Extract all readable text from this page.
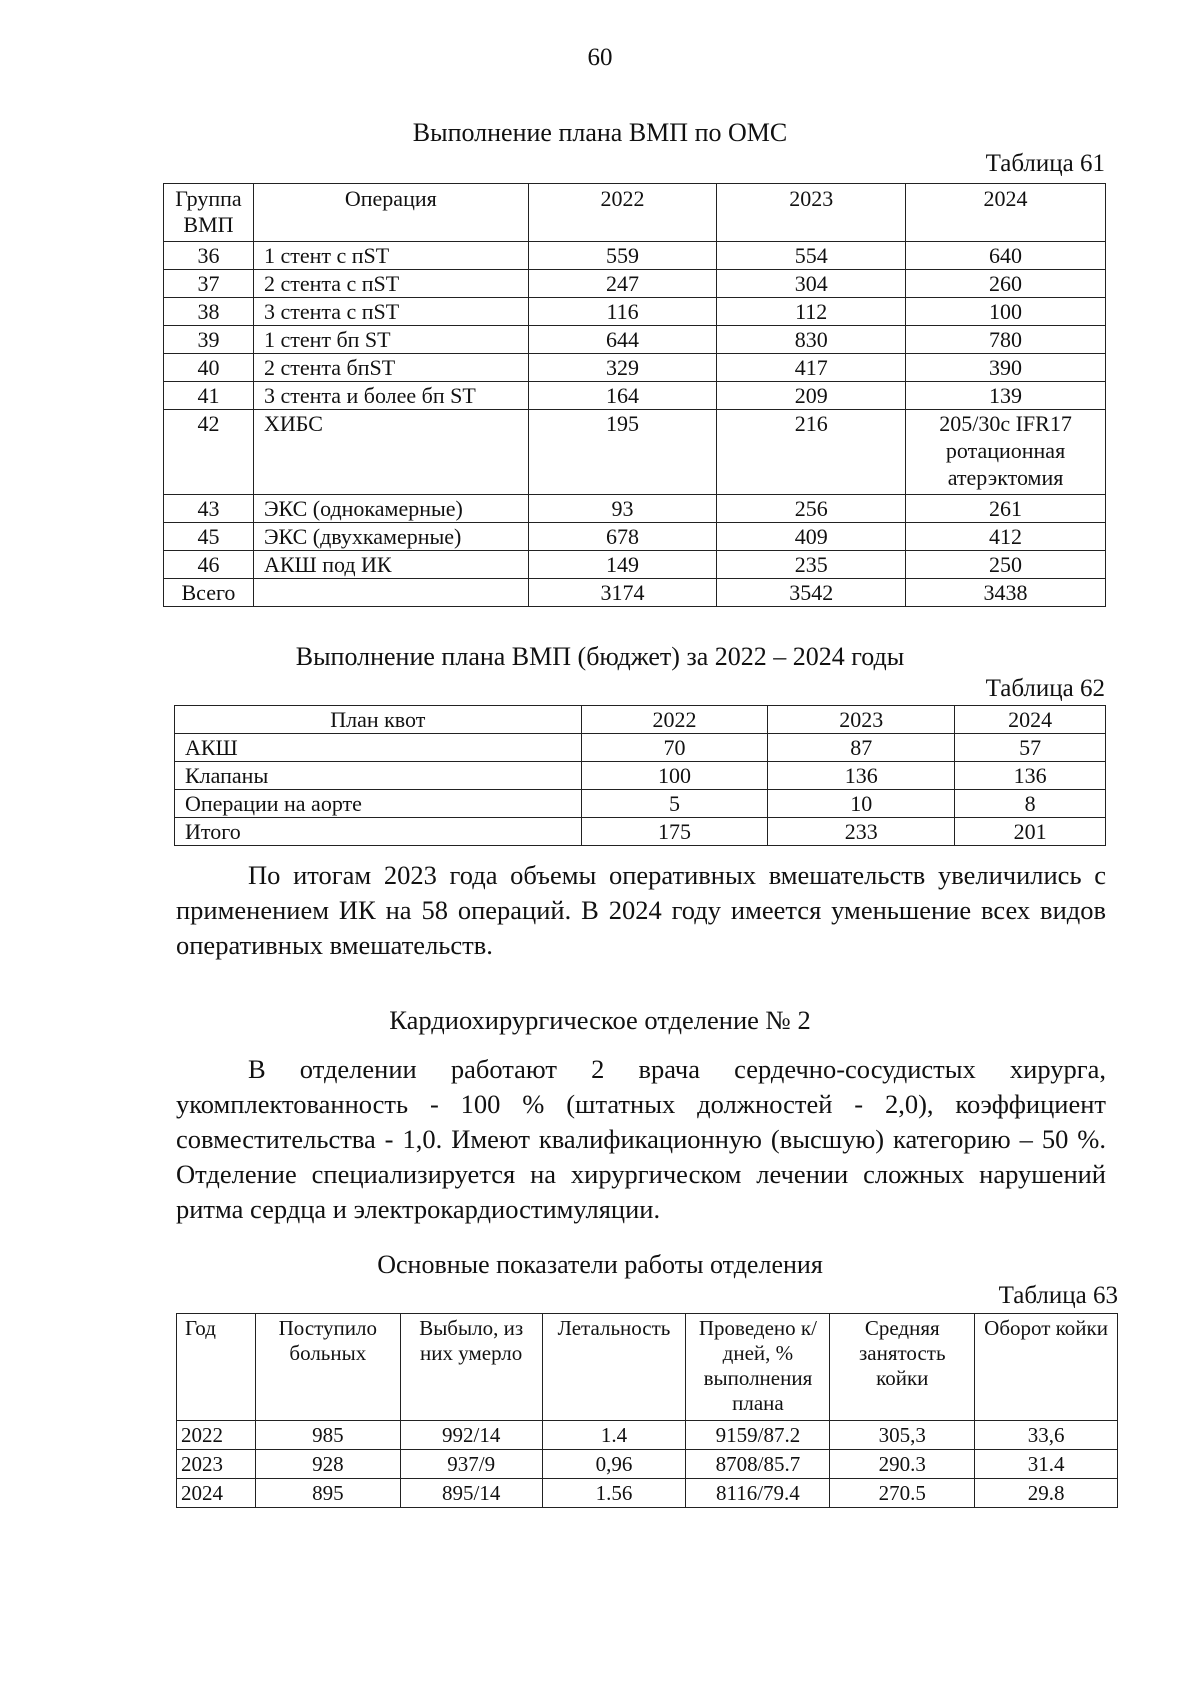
60
Выполнение плана ВМП по ОМС
Таблица 61
Группа ВМП	Операция	2022	2023	2024
36	1 стент с пST	559	554	640
37	2 стента с пST	247	304	260
38	3 стента с пST	116	112	100
39	1 стент бп ST	644	830	780
40	2 стента бпST	329	417	390
41	3 стента и более бп ST	164	209	139
42	ХИБС	195	216	205/30с IFR17 ротационная атерэктомия
43	ЭКС (однокамерные)	93	256	261
45	ЭКС (двухкамерные)	678	409	412
46	АКШ под ИК	149	235	250
Всего		3174	3542	3438
Выполнение плана ВМП (бюджет) за 2022 – 2024 годы
Таблица 62
План квот	2022	2023	2024
АКШ	70	87	57
Клапаны	100	136	136
Операции на аорте	5	10	8
Итого	175	233	201

По итогам 2023 года объемы оперативных вмешательств увеличились с применением ИК на 58 операций. В 2024 году имеется уменьшение всех видов оперативных вмешательств.

Кардиохирургическое отделение № 2

В отделении работают 2 врача сердечно-сосудистых хирурга, укомплектованность - 100 % (штатных должностей - 2,0), коэффициент совместительства - 1,0. Имеют квалификационную (высшую) категорию – 50 %. Отделение специализируется на хирургическом лечении сложных нарушений ритма сердца и электрокардиостимуляции.

Основные показатели работы отделения
Таблица 63
Год	Поступило больных	Выбыло, из них умерло	Летальность	Проведено к/дней, % выполнения плана	Средняя занятость койки	Оборот койки
2022	985	992/14	1.4	9159/87.2	305,3	33,6
2023	928	937/9	0,96	8708/85.7	290.3	31.4
2024	895	895/14	1.56	8116/79.4	270.5	29.8
